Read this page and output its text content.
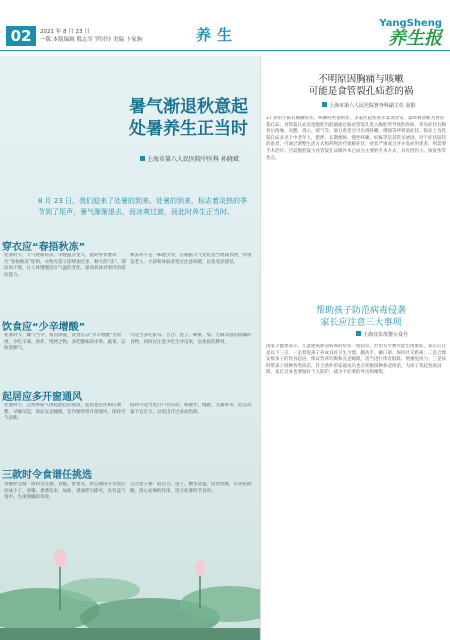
02	2021 年 8 月 23 日
一版.本版编辑 殷志军 罗时玲 美编 卜家驹	养生
YangSheng
养生报
暑气渐退秋意起
处暑养生正当时
上海市第八人民医院中医科 孙晓斌
8 月 23 日，我们迎来了处暑的到来。处暑的到来，标志着炎热的季节到了尾声，暑气渐渐退去，而凉爽过渡，而此时养生正当时。
穿衣应“春捂秋冻”
处暑时节，天气逐渐转凉，早晚温差变大，此时穿衣要讲究“春捂秋冻”原则，衣物无需立即增加过多，秋天的“冻”，即凉而不寒，让人体慢慢适应气温的变化，提高机体对寒冷的抵抗能力。
秋冻并不是一味地少穿，应根据天气变化适当增减衣物，特别是老人、小孩和体弱者更应注意保暖，以免受凉感冒。
饮食应“少辛增酸”
处暑时节，燥气当令，易伤津液，饮食应以“少辛增酸”为原则，少吃辛辣、煎炸、烧烤之物，多吃酸味的水果、蔬菜，以收敛肺气。
可适当多吃银耳、百合、莲子、蜂蜜、梨、芝麻等滋阴润燥的食物，同时应注意少吃生冷瓜果，以免损伤脾胃。
起居应多开窗通风
处暑时节，自然界阳气由疏泄趋向收敛，起居也应作相应调整，早睡早起，保证充足睡眠，室内要经常开窗通风，保持空气清新。
同时可适当进行户外活动，如散步、慢跑、太极拳等，但运动量不宜过大，以免出汗过多而伤阴。
三款时令食谱任挑选
青椒拌豆腐：原料为豆腐、青椒、香菜等，将豆腐用开水烫后切成小丁，青椒、香菜切末，加盐、香油拌匀即可，具有益气宽中、生津润燥的功效。
百合莲子粥：取百合、莲子、粳米适量，同煮成粥，有养阴润肺、清心安神的作用，适合处暑时节食用。
不明原因胸痛与咳嗽
可能是食管裂孔疝惹的祸
上海市第六人民医院普外科副主任 夏阳
27 岁的小陈有胸痛症状，咳嗽时更加明显，多家医院检查未发现异常，最终被诊断为食管裂孔疝。食管裂孔疝是指腹腔内脏器通过膈食管裂孔进入胸腔所导致的疾病，常见症状有胸骨后疼痛、反酸、烧心、嗳气等，部分患者还可出现咳嗽、哮喘等呼吸道症状。临床上食管裂孔疝多见于中老年人，肥胖、长期便秘、慢性咳嗽、妊娠等是其常见诱因。对于症状较轻的患者，可通过调整生活方式和药物治疗缓解症状；症状严重或合并并发症的患者，则需要手术治疗。目前腹腔镜下食管裂孔疝修补术已成为主要的手术方式，具有创伤小、恢复快等优点。
帮助孩子防范病毒侵袭
家长应注意三大事项
上海宜东母婴公众号
国家卫健委表示，儿童感染新冠病毒的症状一般较轻，但也有少数可能出现重症。家长应注意以下三点：一是督促孩子养成良好卫生习惯，勤洗手、戴口罩、保持社交距离；二是合理安排孩子的饮食起居，保证营养均衡和充足睡眠，适当进行体育锻炼，增强免疫力；三是按时带孩子接种各类疫苗，符合条件的家庭成员也应积极接种新冠疫苗，为孩子筑起免疫屏障。家长自身也要做好个人防护，减少不必要的外出和聚集。
